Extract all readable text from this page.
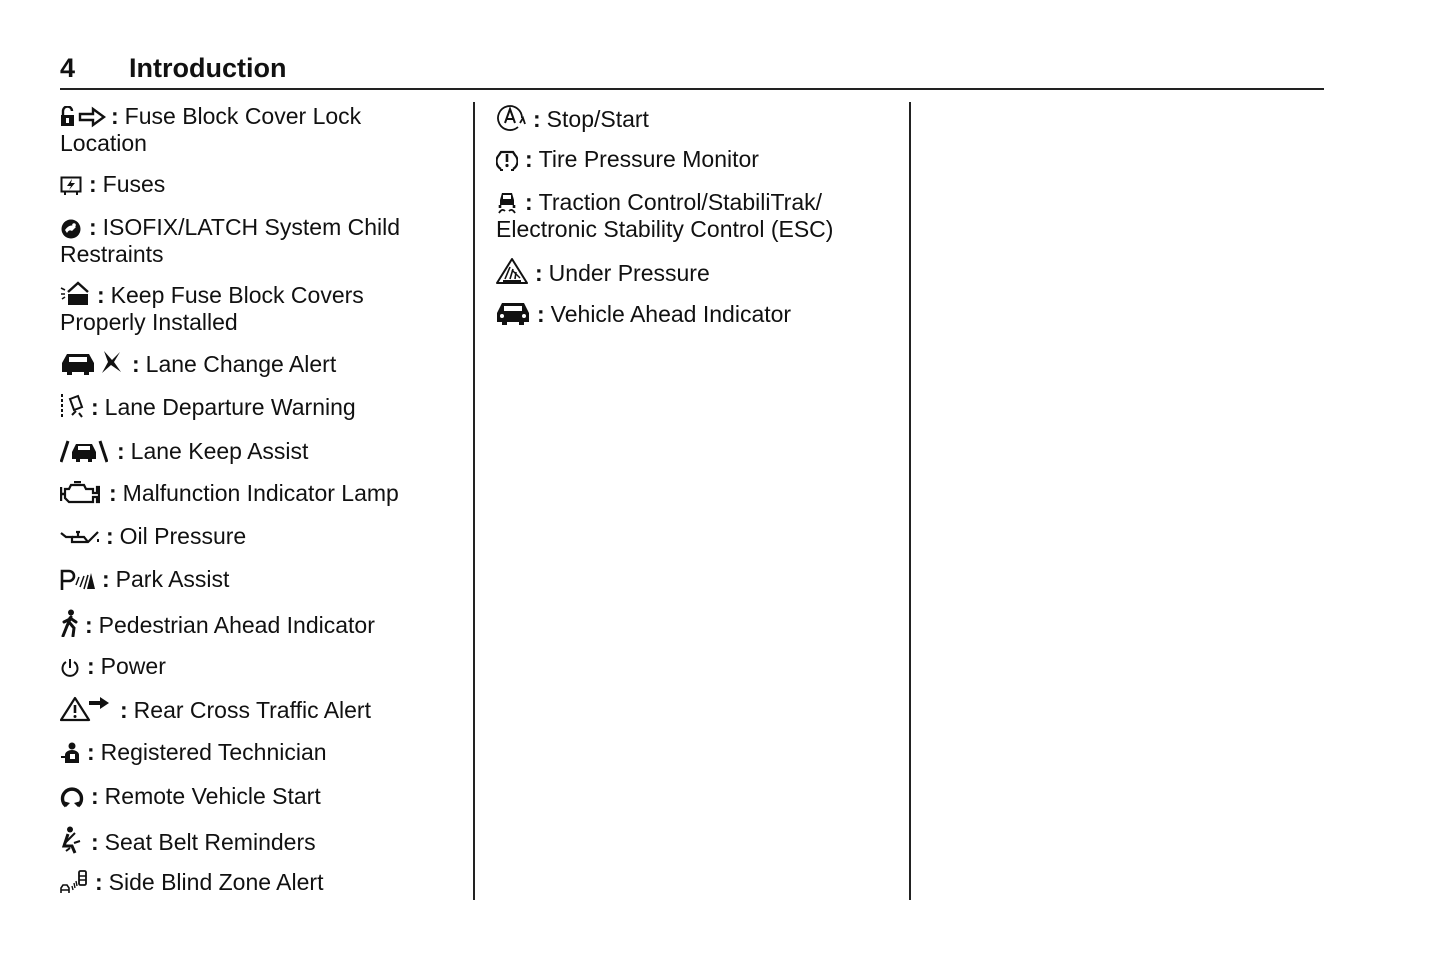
4 Introduction

: Fuse Block Cover Lock
Location

: Fuses

: ISOFIX/LATCH System Child
Restraints

: Keep Fuse Block Covers
Properly Installed

: Lane Change Alert

: Lane Departure Warning

: Lane Keep Assist

: Malfunction Indicator Lamp

: Oil Pressure

: Park Assist

: Pedestrian Ahead Indicator

: Power

: Rear Cross Traffic Alert

: Registered Technician

: Remote Vehicle Start

: Seat Belt Reminders

: Side Blind Zone Alert

: Stop/Start

: Tire Pressure Monitor

: Traction Control/StabiliTrak/
Electronic Stability Control (ESC)

: Under Pressure

: Vehicle Ahead Indicator
